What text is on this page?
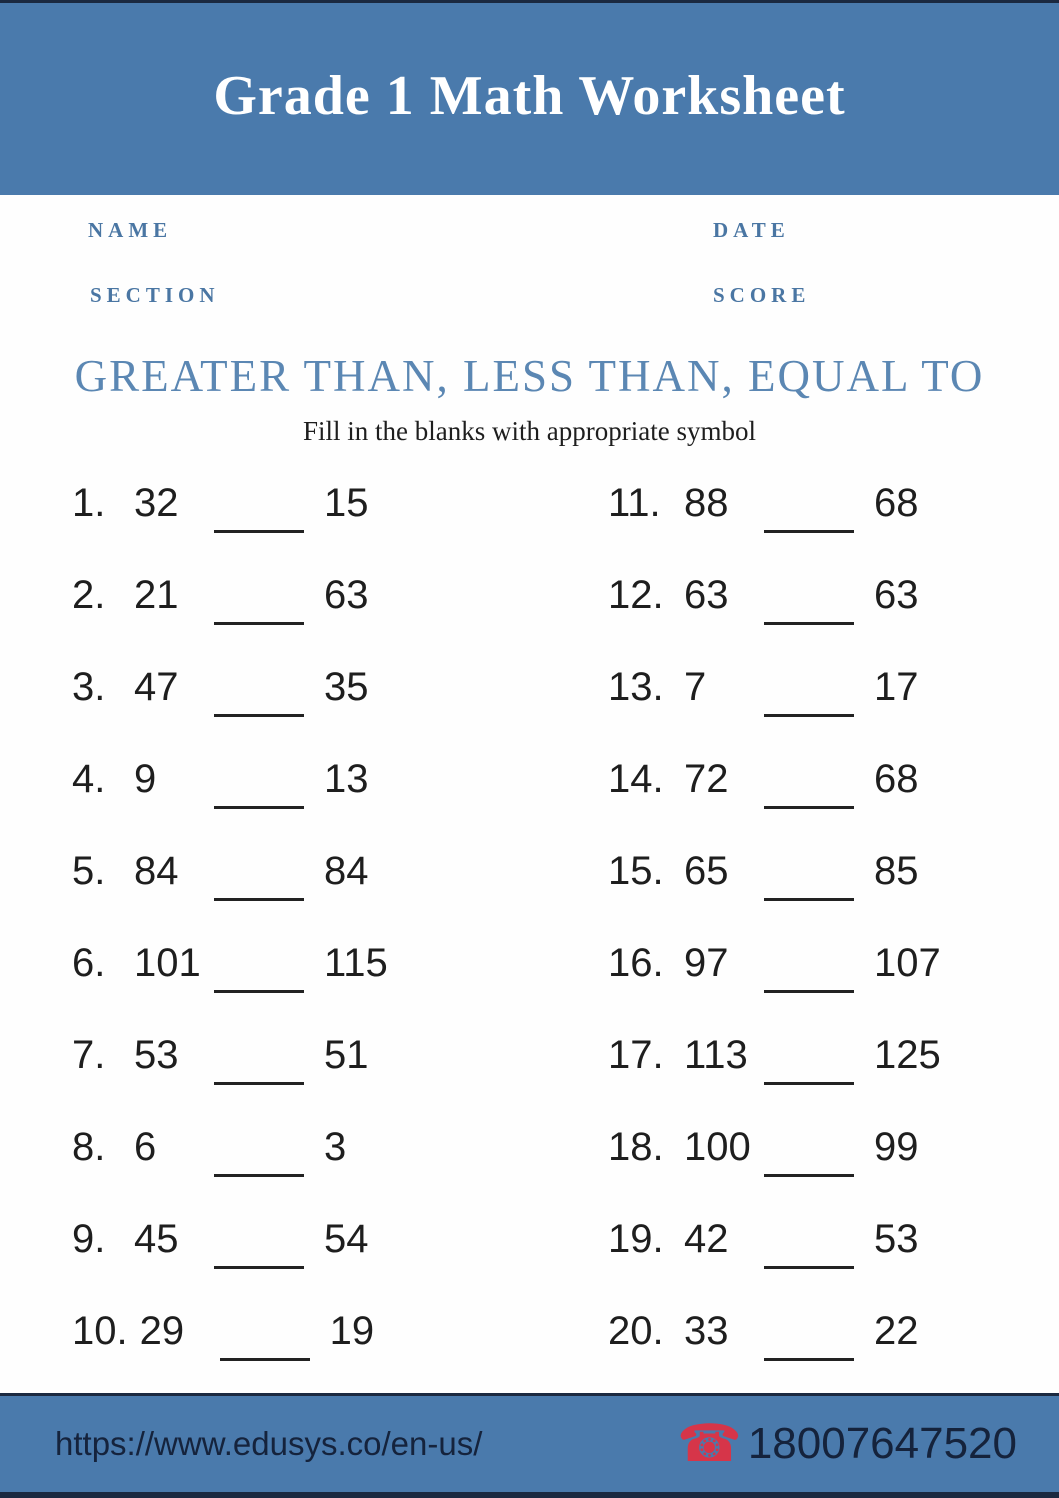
Grade 1 Math Worksheet
NAME	DATE
SECTION	SCORE
GREATER THAN, LESS THAN, EQUAL TO
Fill in the blanks with appropriate symbol
1. 32	15
2. 21	63
3. 47	35
4. 9	13
5. 84	84
6. 101	115
7. 53	51
8. 6	3
9. 45	54
10. 29	19
11. 88	68
12. 63	63
13. 7	17
14. 72	68
15. 65	85
16. 97	107
17. 113	125
18. 100	99
19. 42	53
20. 33	22
https://www.edusys.co/en-us/	☎ 18007647520
